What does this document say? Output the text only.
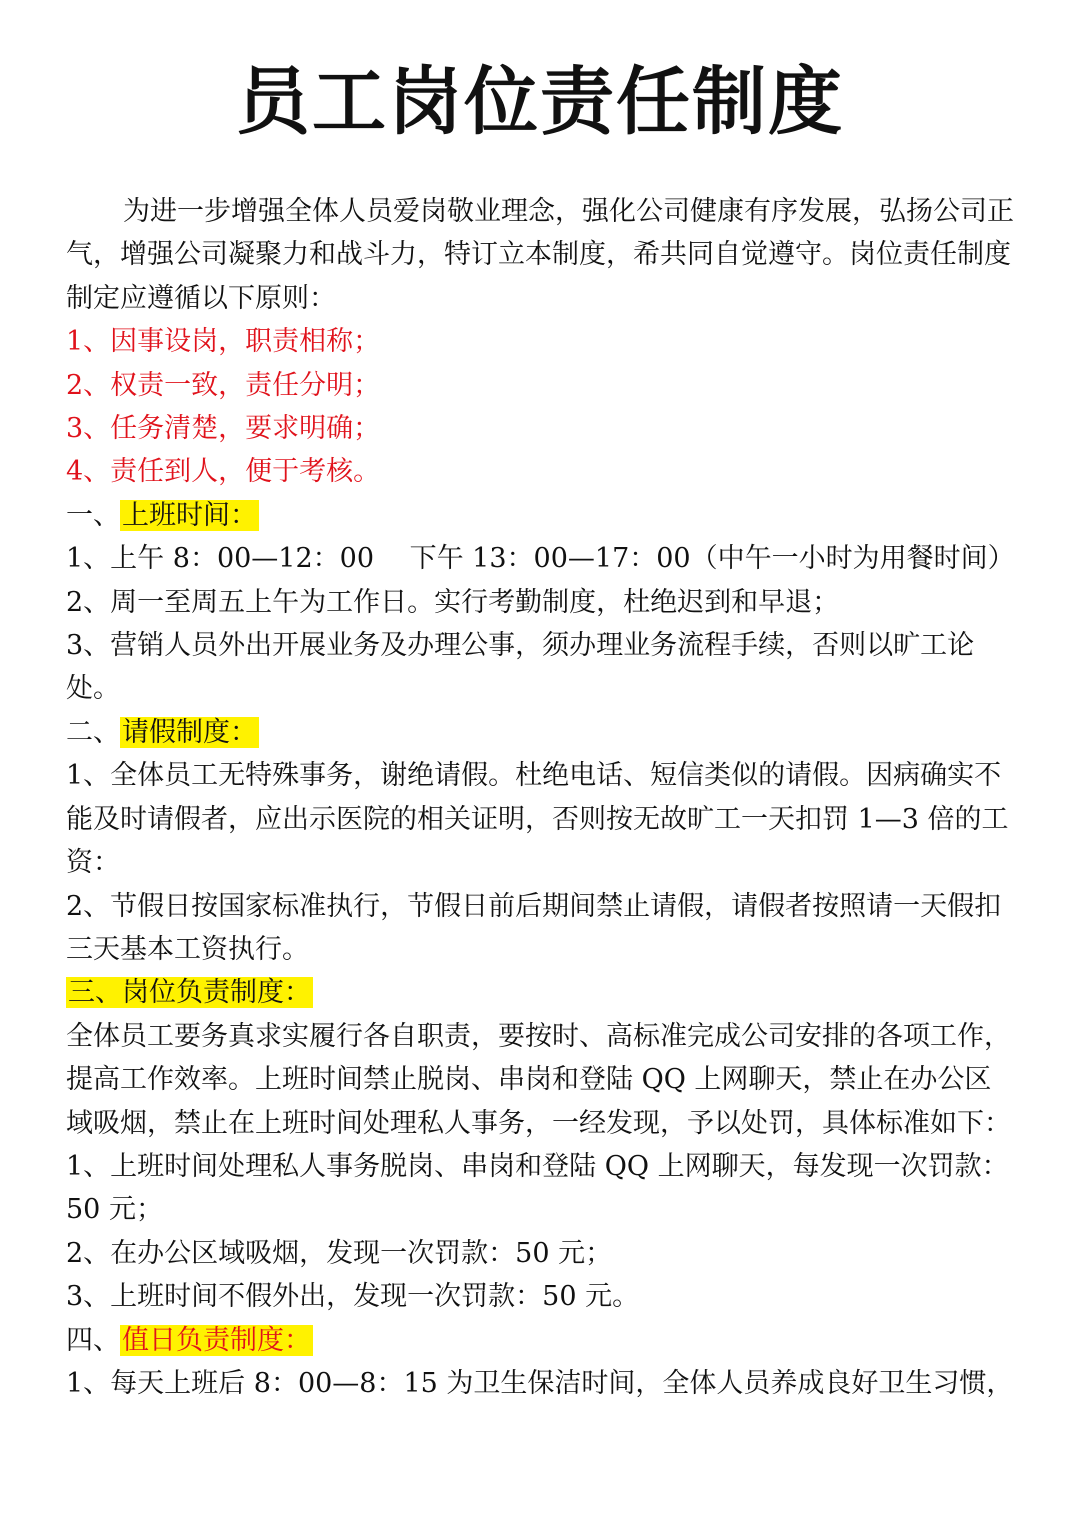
员工岗位责任制度

为进一步增强全体人员爱岗敬业理念，强化公司健康有序发展，弘扬公司正气，增强公司凝聚力和战斗力，特订立本制度，希共同自觉遵守。岗位责任制度制定应遵循以下原则：

1、因事设岗，职责相称；

2、权责一致，责任分明；

3、任务清楚，要求明确；

4、责任到人，便于考核。

一、上班时间：

1、上午 8：00—12：00　 下午 13：00—17：00（中午一小时为用餐时间）

2、周一至周五上午为工作日。实行考勤制度，杜绝迟到和早退；

3、营销人员外出开展业务及办理公事，须办理业务流程手续，否则以旷工论处。

二、请假制度：

1、全体员工无特殊事务，谢绝请假。杜绝电话、短信类似的请假。因病确实不能及时请假者，应出示医院的相关证明，否则按无故旷工一天扣罚 1—3 倍的工资：

2、节假日按国家标准执行，节假日前后期间禁止请假，请假者按照请一天假扣三天基本工资执行。

三、岗位负责制度：

全体员工要务真求实履行各自职责，要按时、高标准完成公司安排的各项工作，提高工作效率。上班时间禁止脱岗、串岗和登陆 QQ 上网聊天，禁止在办公区域吸烟，禁止在上班时间处理私人事务，一经发现，予以处罚，具体标准如下：

1、上班时间处理私人事务脱岗、串岗和登陆 QQ 上网聊天，每发现一次罚款：50 元；

2、在办公区域吸烟，发现一次罚款：50 元；

3、上班时间不假外出，发现一次罚款：50 元。

四、值日负责制度：

1、每天上班后 8：00—8：15 为卫生保洁时间，全体人员养成良好卫生习惯，
